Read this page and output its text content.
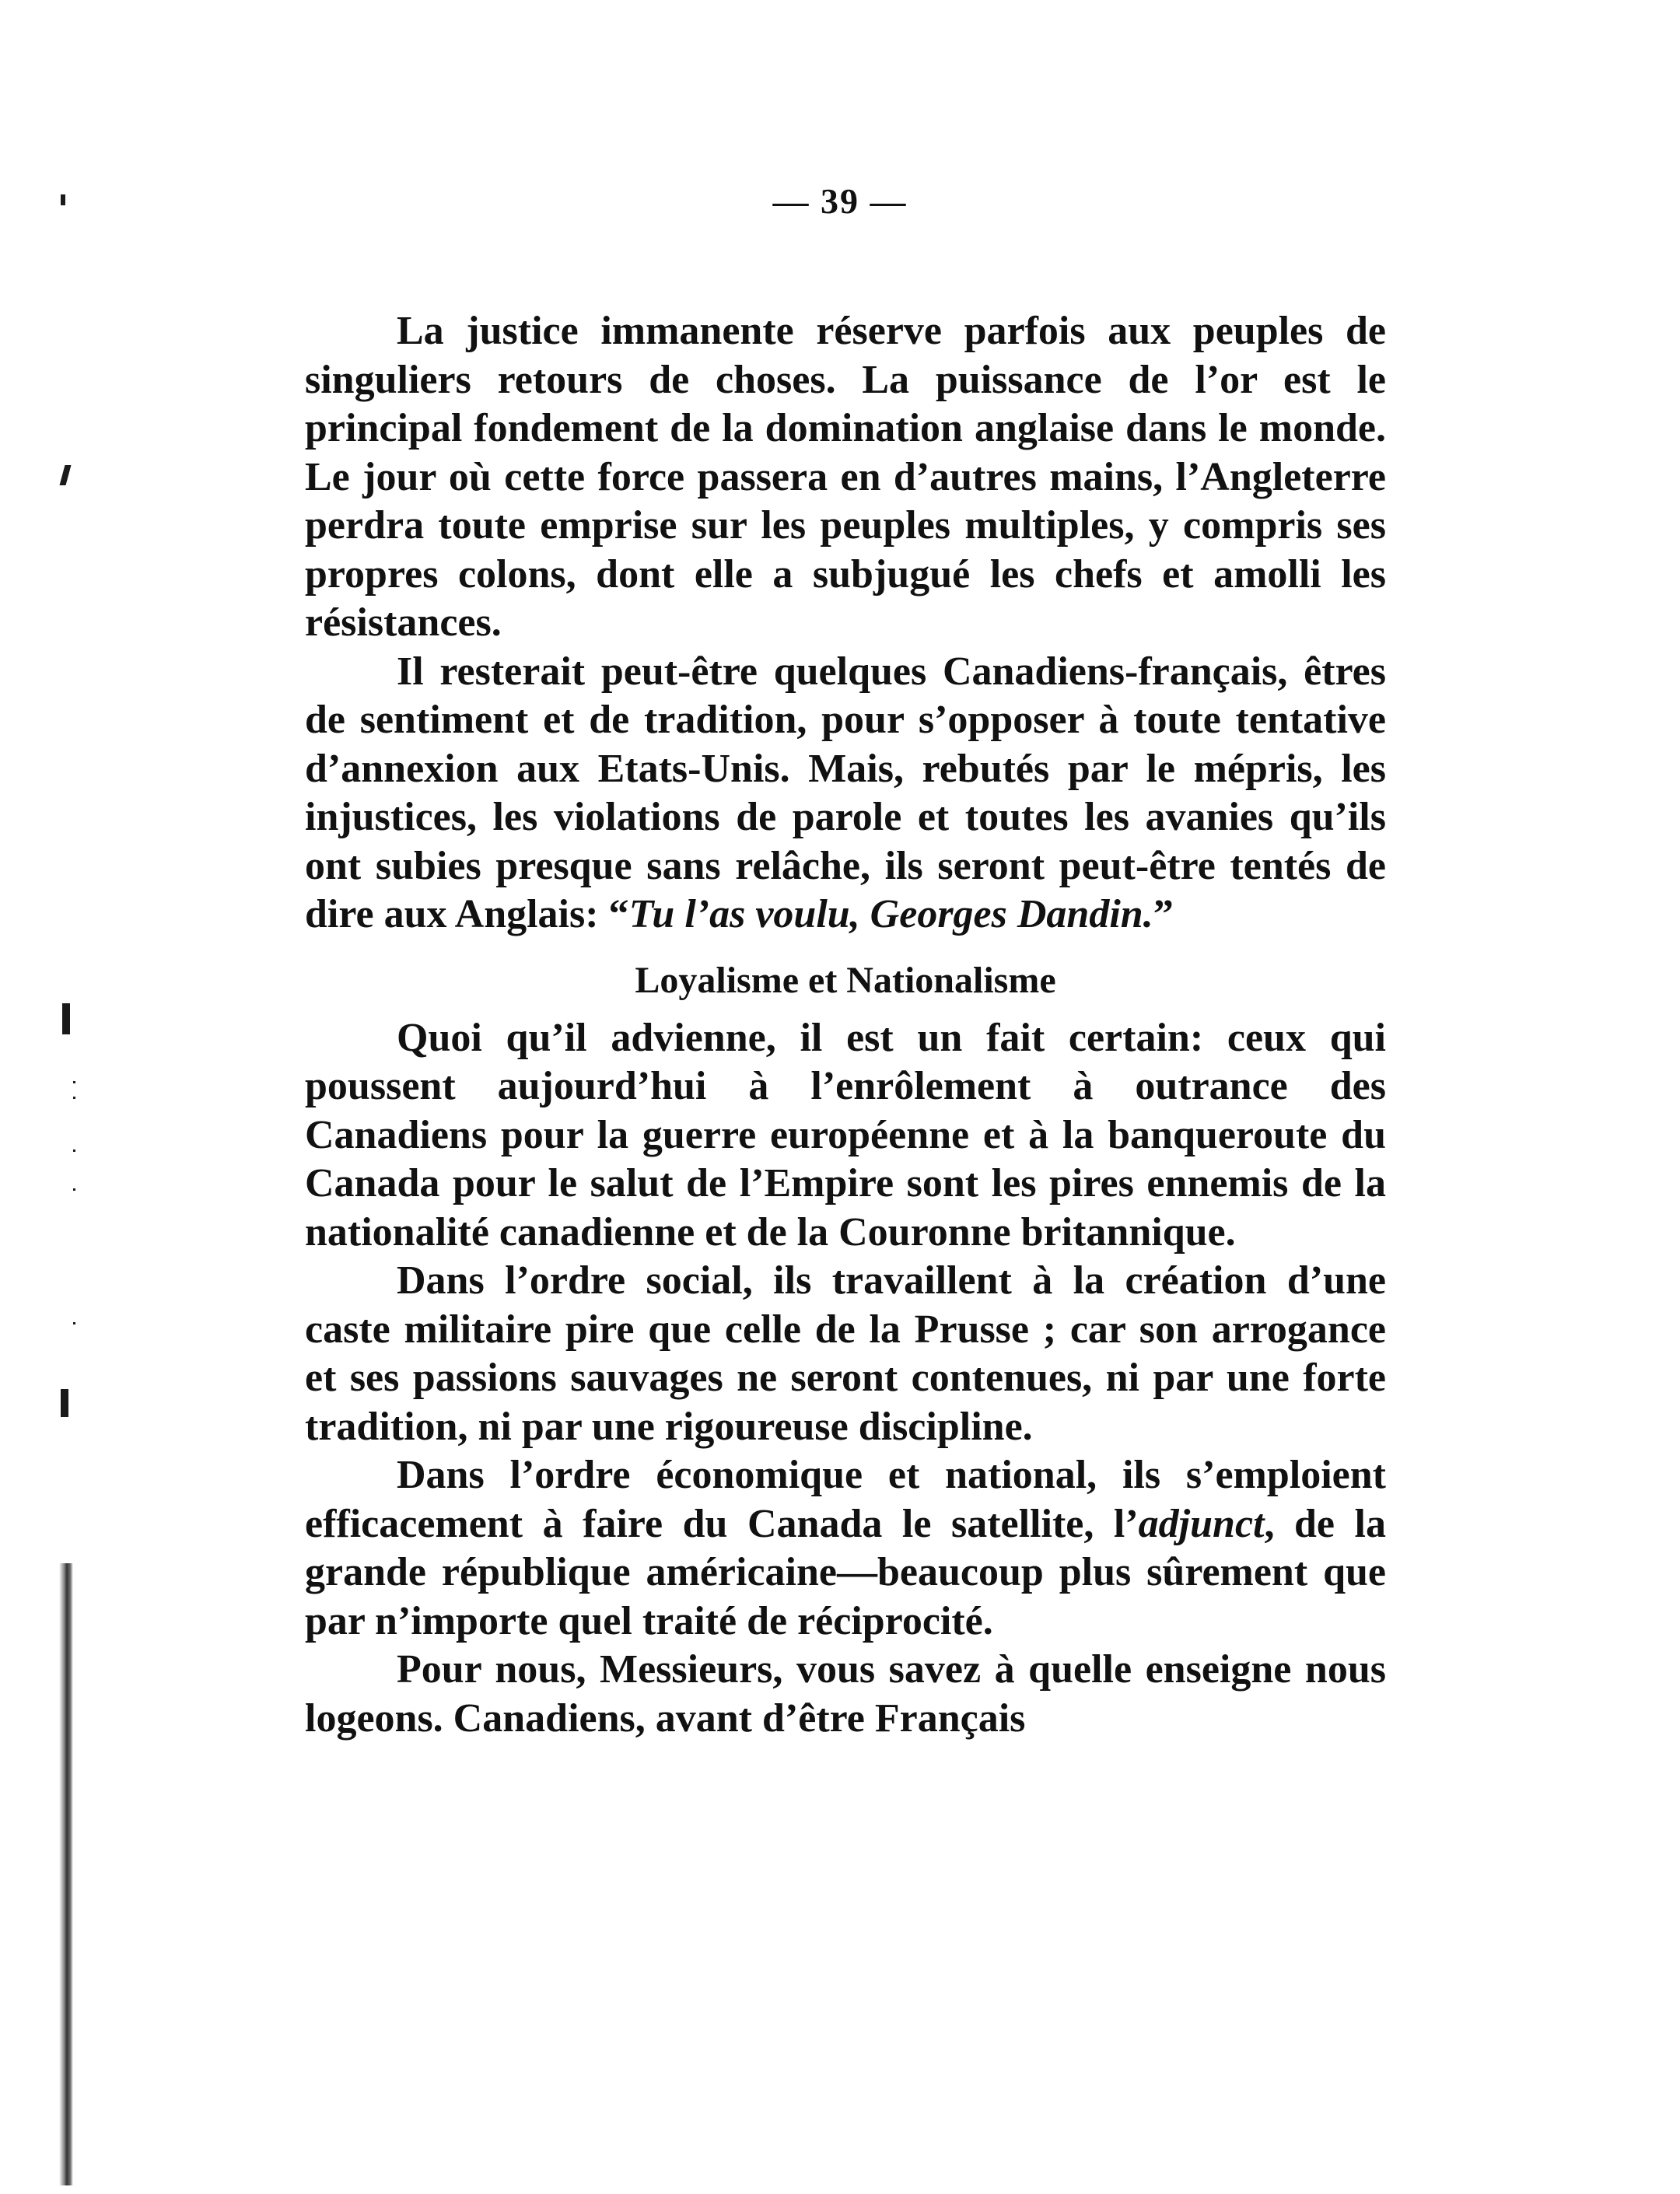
— 39 —

La justice immanente réserve parfois aux peuples de singuliers retours de choses. La puissance de l’or est le principal fondement de la domination anglaise dans le monde. Le jour où cette force passera en d’autres mains, l’Angleterre perdra toute emprise sur les peuples multiples, y compris ses propres colons, dont elle a subjugué les chefs et amolli les résistances.

Il resterait peut-être quelques Canadiens-français, êtres de sentiment et de tradition, pour s’opposer à toute tentative d’annexion aux Etats-Unis. Mais, rebutés par le mépris, les injustices, les violations de parole et toutes les avanies qu’ils ont subies presque sans relâche, ils seront peut-être tentés de dire aux Anglais: “Tu l’as voulu, Georges Dandin.”

Loyalisme et Nationalisme

Quoi qu’il advienne, il est un fait certain: ceux qui poussent aujourd’hui à l’enrôlement à outrance des Canadiens pour la guerre européenne et à la banqueroute du Canada pour le salut de l’Empire sont les pires ennemis de la nationalité canadienne et de la Couronne britannique.

Dans l’ordre social, ils travaillent à la création d’une caste militaire pire que celle de la Prusse ; car son arrogance et ses passions sauvages ne seront contenues, ni par une forte tradition, ni par une rigoureuse discipline.

Dans l’ordre économique et national, ils s’emploient efficacement à faire du Canada le satellite, l’adjunct, de la grande république américaine—beaucoup plus sûrement que par n’importe quel traité de réciprocité.

Pour nous, Messieurs, vous savez à quelle enseigne nous logeons. Canadiens, avant d’être Français
